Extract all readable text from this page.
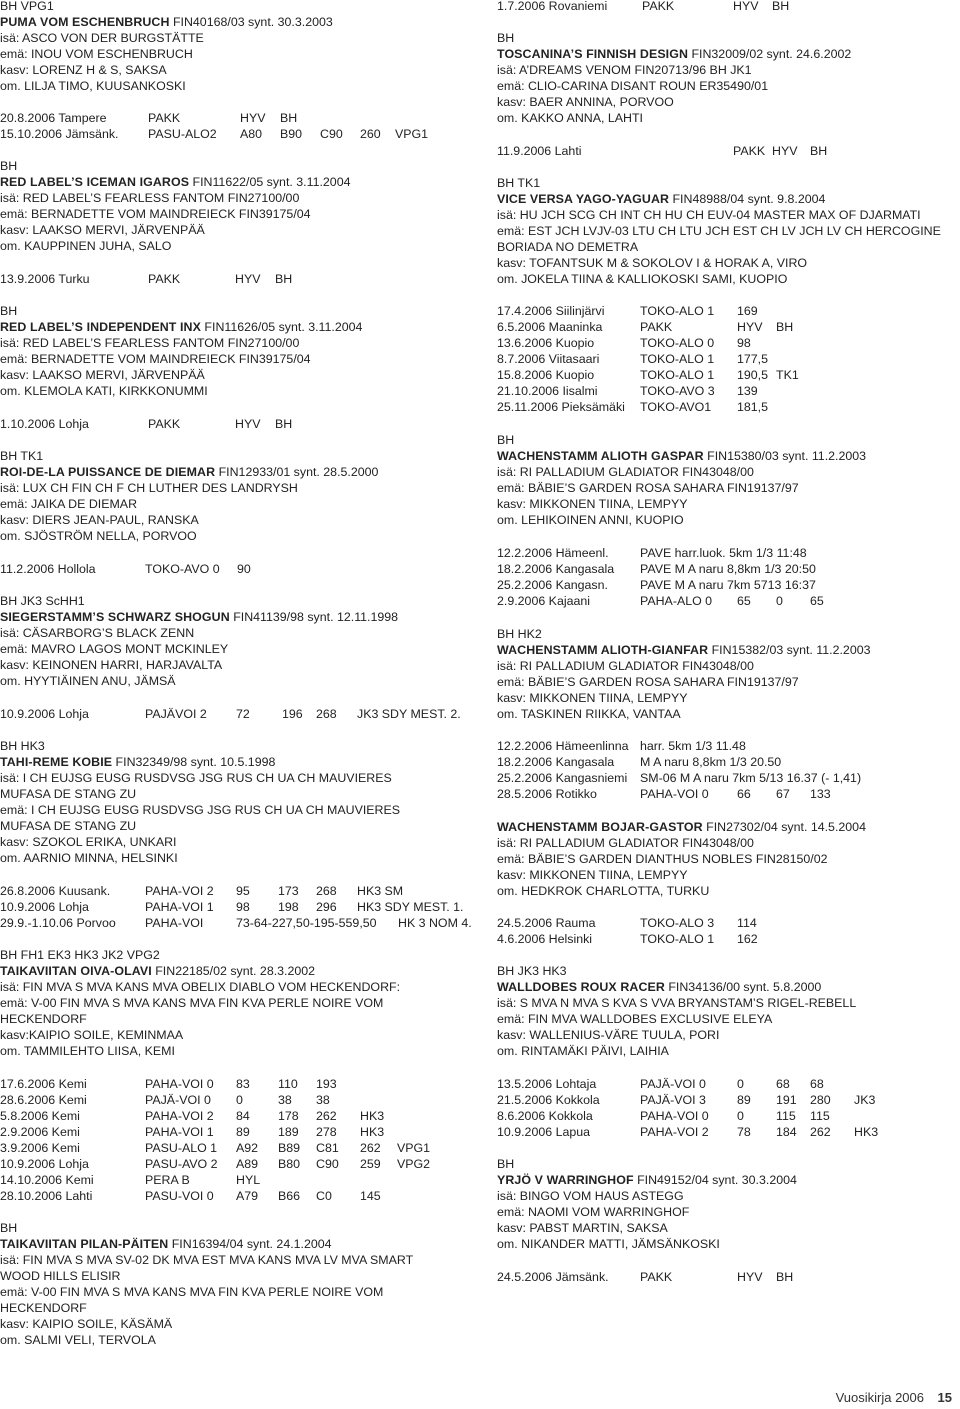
BH VPG1
PUMA VOM ESCHENBRUCH FIN40168/03 synt. 30.3.2003
isä: ASCO VON DER BURGSTÄTTE
emä: INOU VOM ESCHENBRUCH
kasv: LORENZ H & S, SAKSA
om. LILJA TIMO, KUUSANKOSKI
20.8.2006 Tampere	PAKK	HYV BH
15.10.2006 Jämsänk. PASU-ALO2 A80 B90 C90 260 VPG1
BH
RED LABEL’S ICEMAN IGAROS FIN11622/05 synt. 3.11.2004
isä: RED LABEL’S FEARLESS FANTOM FIN27100/00
emä: BERNADETTE VOM MAINDREIECK FIN39175/04
kasv: LAAKSO MERVI, JÄRVENPÄÄ
om. KAUPPINEN JUHA, SALO
13.9.2006 Turku	PAKK	HYV BH
BH
RED LABEL’S INDEPENDENT INX FIN11626/05 synt. 3.11.2004
isä: RED LABEL’S FEARLESS FANTOM FIN27100/00
emä: BERNADETTE VOM MAINDREIECK FIN39175/04
kasv: LAAKSO MERVI, JÄRVENPÄÄ
om. KLEMOLA KATI, KIRKKONUMMI
1.10.2006 Lohja	PAKK	HYV BH
BH TK1
ROI-DE-LA PUISSANCE DE DIEMAR FIN12933/01 synt. 28.5.2000
isä: LUX CH FIN CH F CH LUTHER DES LANDRYSH
emä: JAIKA DE DIEMAR
kasv: DIERS JEAN-PAUL, RANSKA
om. SJÖSTRÖM NELLA, PORVOO
11.2.2006 Hollola	TOKO-AVO 0 90
BH JK3 ScHH1
SIEGERSTAMM’S SCHWARZ SHOGUN FIN41139/98 synt. 12.11.1998
isä: CÄSARBORG’S BLACK ZENN
emä: MAVRO LAGOS MONT MCKINLEY
kasv: KEINONEN HARRI, HARJAVALTA
om. HYYTIÄINEN ANU, JÄMSÄ
10.9.2006 Lohja	PAJÄVOI 2 72	196 268 JK3 SDY MEST. 2.
BH HK3
TAHI-REME KOBIE FIN32349/98 synt. 10.5.1998
isä: I CH EUJSG EUSG RUSDVSG JSG RUS CH UA CH MAUVIERES
MUFASA DE STANG ZU
emä: I CH EUJSG EUSG RUSDVSG JSG RUS CH UA CH MAUVIERES
MUFASA DE STANG ZU
kasv: SZOKOL ERIKA, UNKARI
om. AARNIO MINNA, HELSINKI
26.8.2006 Kuusank.	PAHA-VOI 2 95 173 268 HK3 SM
10.9.2006 Lohja	PAHA-VOI 1 98 198 296 HK3 SDY MEST. 1.
29.9.-1.10.06 Porvoo PAHA-VOI	73-64-227,50-195-559,50 HK 3 NOM 4.
BH FH1 EK3 HK3 JK2 VPG2
TAIKAVIITAN OIVA-OLAVI FIN22185/02 synt. 28.3.2002
isä: FIN MVA S MVA KANS MVA OBELIX DIABLO VOM HECKENDORF:
emä: V-00 FIN MVA S MVA KANS MVA FIN KVA PERLE NOIRE VOM
HECKENDORF
kasv:KAIPIO SOILE, KEMINMAA
om. TAMMILEHTO LIISA, KEMI
17.6.2006 Kemi	PAHA-VOI 0 83 110 193
28.6.2006 Kemi	PAJÄ-VOI 0 0	38 38
5.8.2006 Kemi	PAHA-VOI 2 84 178 262 HK3
2.9.2006 Kemi	PAHA-VOI 1 89 189 278 HK3
3.9.2006 Kemi	PASU-ALO 1 A92 B89 C81 262 VPG1
10.9.2006 Lohja	PASU-AVO 2 A89 B80 C90 259 VPG2
14.10.2006 Kemi	PERA B	HYL
28.10.2006 Lahti	PASU-VOI 0 A79 B66 C0 145
BH
TAIKAVIITAN PILAN-PÄITEN FIN16394/04 synt. 24.1.2004
isä: FIN MVA S MVA SV-02 DK MVA EST MVA KANS MVA LV MVA SMART
WOOD HILLS ELISIR
emä: V-00 FIN MVA S MVA KANS MVA FIN KVA PERLE NOIRE VOM
HECKENDORF
kasv: KAIPIO SOILE, KÄSÄMÄ
om. SALMI VELI, TERVOLA
1.7.2006 Rovaniemi	PAKK	HYV BH
BH
TOSCANINA’S FINNISH DESIGN FIN32009/02 synt. 24.6.2002
isä: A’DREAMS VENOM FIN20713/96 BH JK1
emä: CLIO-CARINA DISANT ROUN ER35490/01
kasv: BAER ANNINA, PORVOO
om. KAKKO ANNA, LAHTI
11.9.2006 Lahti	PAKK HYV BH
BH TK1
VICE VERSA YAGO-YAGUAR FIN48988/04 synt. 9.8.2004
isä: HU JCH SCG CH INT CH HU CH EUV-04 MASTER MAX OF DJARMATI
emä: EST JCH LVJV-03 LTU CH LTU JCH EST CH LV JCH LV CH HERCOGINE
BORIADA NO DEMETRA
kasv: TOFANTSUK M & SOKOLOV I & HORAK A, VIRO
om. JOKELA TIINA & KALLIOKOSKI SAMI, KUOPIO
17.4.2006 Siilinjärvi	TOKO-ALO 1 169
6.5.2006 Maaninka	PAKK	HYV BH
13.6.2006 Kuopio	TOKO-ALO 0 98
8.7.2006 Viitasaari	TOKO-ALO 1 177,5
15.8.2006 Kuopio	TOKO-ALO 1 190,5 TK1
21.10.2006 Iisalmi	TOKO-AVO 3 139
25.11.2006 Pieksämäki TOKO-AVO1 181,5
BH
WACHENSTAMM ALIOTH GASPAR FIN15380/03 synt. 11.2.2003
isä: RI PALLADIUM GLADIATOR FIN43048/00
emä: BÄBIE’S GARDEN ROSA SAHARA FIN19137/97
kasv: MIKKONEN TIINA, LEMPYY
om. LEHIKOINEN ANNI, KUOPIO
12.2.2006 Hämeenl.	PAVE harr.luok. 5km 1/3 11:48
18.2.2006 Kangasala PAVE M A naru 8,8km 1/3 20:50
25.2.2006 Kangasn.	PAVE M A naru 7km 5713 16:37
2.9.2006 Kajaani	PAHA-ALO 0 65 0 65
BH HK2
WACHENSTAMM ALIOTH-GIANFAR FIN15382/03 synt. 11.2.2003
isä: RI PALLADIUM GLADIATOR FIN43048/00
emä: BÄBIE’S GARDEN ROSA SAHARA FIN19137/97
kasv: MIKKONEN TIINA, LEMPYY
om. TASKINEN RIIKKA, VANTAA
12.2.2006 Hämeenlinna harr. 5km 1/3 11.48
18.2.2006 Kangasala M A naru 8,8km 1/3 20.50
25.2.2006 Kangasniemi SM-06 M A naru 7km 5/13 16.37 (- 1,41)
28.5.2006 Rotikko	PAHA-VOI 0 66 67 133
WACHENSTAMM BOJAR-GASTOR FIN27302/04 synt. 14.5.2004
isä: RI PALLADIUM GLADIATOR FIN43048/00
emä: BÄBIE’S GARDEN DIANTHUS NOBLES FIN28150/02
kasv: MIKKONEN TIINA, LEMPYY
om. HEDKROK CHARLOTTA, TURKU
24.5.2006 Rauma	TOKO-ALO 3 114
4.6.2006 Helsinki	TOKO-ALO 1 162
BH JK3 HK3
WALLDOBES ROUX RACER FIN34136/00 synt. 5.8.2000
isä: S MVA N MVA S KVA S VVA BRYANSTAM’S RIGEL-REBELL
emä: FIN MVA WALLDOBES EXCLUSIVE ELEYA
kasv: WALLENIUS-VÄRE TUULA, PORI
om. RINTAMÄKI PÄIVI, LAIHIA
13.5.2006 Lohtaja	PAJÄ-VOI 0	0	68 68
21.5.2006 Kokkola	PAJÄ-VOI 3	89 191 280 JK3
8.6.2006 Kokkola	PAHA-VOI 0 0	115 115
10.9.2006 Lapua	PAHA-VOI 2 78 184 262 HK3
BH
YRJÖ V WARRINGHOF FIN49152/04 synt. 30.3.2004
isä: BINGO VOM HAUS ASTEGG
emä: NAOMI VOM WARRINGHOF
kasv: PABST MARTIN, SAKSA
om. NIKANDER MATTI, JÄMSÄNKOSKI
24.5.2006 Jämsänk.	PAKK	HYV BH
Vuosikirja 2006 15
